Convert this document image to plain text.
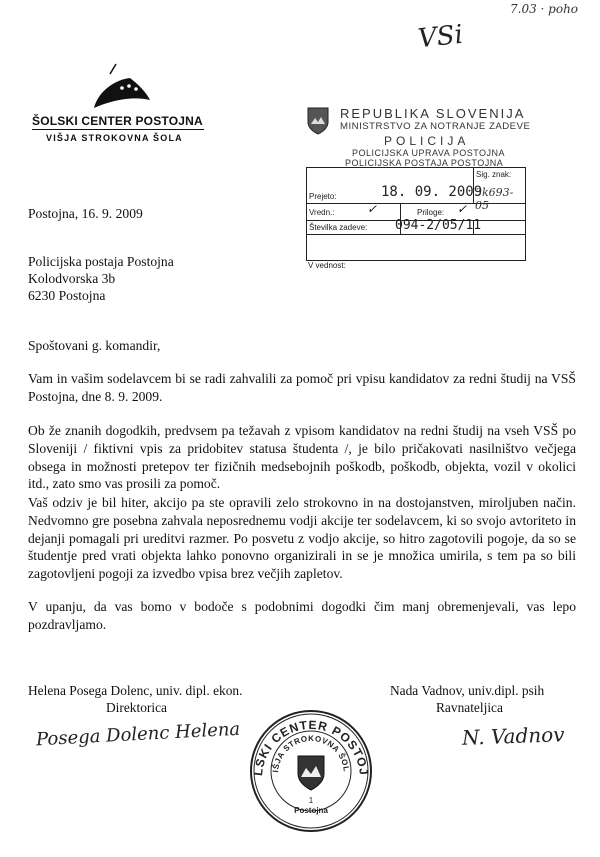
7.03 · poho
VSi
ŠOLSKI CENTER POSTOJNA
VIŠJA STROKOVNA ŠOLA
REPUBLIKA SLOVENIJA
MINISTRSTVO ZA NOTRANJE ZADEVE
POLICIJA
POLICIJSKA UPRAVA POSTOJNA
POLICIJSKA POSTAJA POSTOJNA
Prejeto:	18. 09. 2009
Sig. znak:
3k693-05
Vredn.:	✓	Priloge: ✓
Številka zadeve: 094-2/05/11
V vednost:
Postojna, 16. 9. 2009
Policijska postaja Postojna
Kolodvorska 3b
6230 Postojna
Spoštovani g. komandir,
Vam in vašim sodelavcem bi se radi zahvalili za pomoč pri vpisu kandidatov za redni študij na VSŠ Postojna, dne 8. 9. 2009.
Ob že znanih dogodkih, predvsem pa težavah z vpisom kandidatov na redni študij na vseh VSŠ po Sloveniji / fiktivni vpis za pridobitev statusa študenta /, je bilo pričakovati nasilništvo večjega obsega in možnosti pretepov ter fizičnih medsebojnih poškodb, poškodb, objekta, vozil v okolici itd., zato smo vas prosili za pomoč.
Vaš odziv je bil hiter, akcijo pa ste opravili zelo strokovno in na dostojanstven, miroljuben način. Nedvomno gre posebna zahvala neposrednemu vodji akcije ter sodelavcem, ki so svojo avtoriteto in dejanji pomagali pri ureditvi razmer. Po posvetu z vodjo akcije, so hitro zagotovili pogoje, da so se študentje pred vrati objekta lahko ponovno organizirali in se je množica umirila, s tem pa so bili zagotovljeni pogoji za izvedbo vpisa brez večjih zapletov.
V upanju, da vas bomo v bodoče s podobnimi dogodki čim manj obremenjevali, vas lepo pozdravljamo.
Helena Posega Dolenc, univ. dipl. ekon.
Direktorica
Posega Dolenc Helena
Nada Vadnov, univ.dipl. psih
Ravnateljica
N. Vadnov
LSKI CENTER POSTOJ
IŠJA STROKOVNA ŠOL
1
Postojna
